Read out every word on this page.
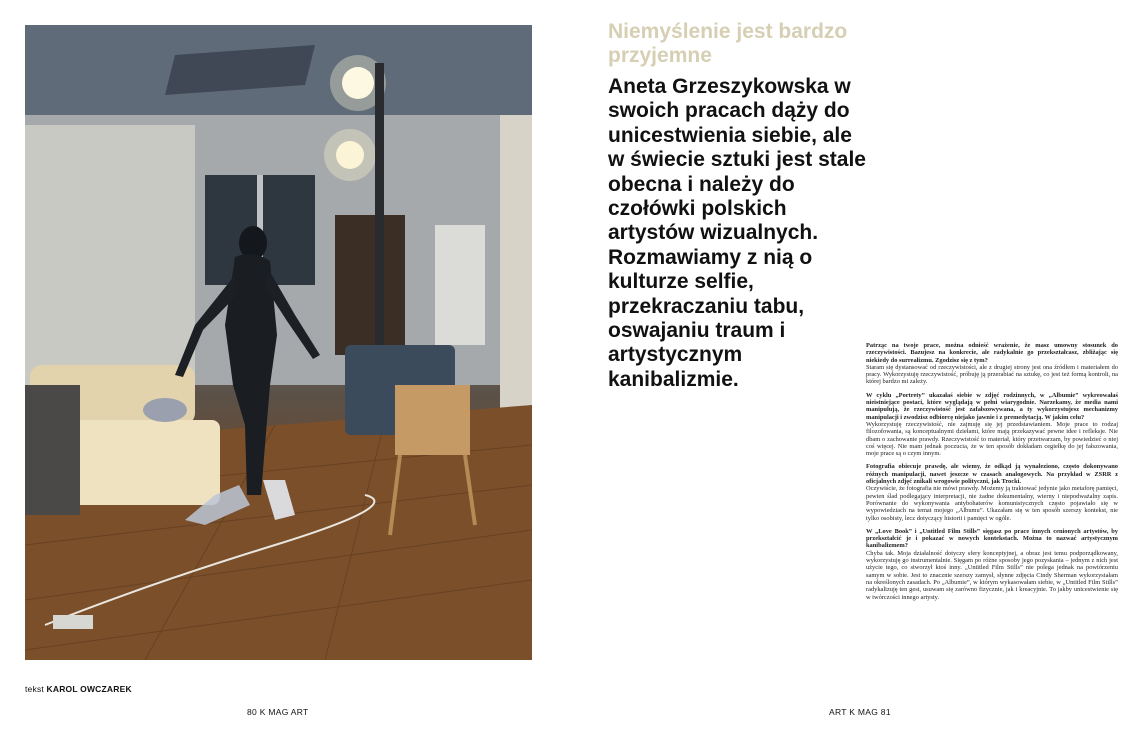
Niemyślenie jest bardzo przyjemne
Aneta Grzeszykowska w swoich pracach dąży do unicestwienia siebie, ale w świecie sztuki jest stale obecna i należy do czołówki polskich artystów wizualnych. Rozmawiamy z nią o kulturze selfie, przekraczaniu tabu, oswajaniu traum i artystycznym kanibalizmie.

Patrząc na twoje prace, można odnieść wrażenie, że masz umowny stosunek do rzeczywistości. Bazujesz na konkrecie, ale radykalnie go przekształcasz, zbliżając się niekiedy do surrealizmu. Zgodzisz się z tym?
Staram się dystansować od rzeczywistości, ale z drugiej strony jest ona źródłem i materiałem do pracy. Wykorzystuję rzeczywistość, próbuję ją przerabiać na sztukę, co jest też formą kontroli, na której bardzo mi zależy.

W cyklu „Portrety” ukazałaś siebie w zdjęć rodzinnych, w „Albumie” wykreowałaś nieistniejące postaci, które wyglądają w pełni wiarygodnie. Narzekamy, że media nami manipulują, że rzeczywistość jest zafałszowywana, a ty wykorzystujesz mechanizmy manipulacji i zwodzisz odbiorcę niejako jawnie i z premedytacją. W jakim celu?
Wykorzystuję rzeczywistość, nie zajmuję się jej przedstawianiem. Moje prace to rodzaj filozofowania, są konceptualnymi dziełami, które mają przekazywać pewne idee i refleksje. Nie dbam o zachowanie prawdy. Rzeczywistość to materiał, który przetwarzam, by powiedzieć o niej coś więcej. Nie mam jednak poczucia, że w ten sposób dokładam cegiełkę do jej fałszowania, moje prace są o czym innym.

Fotografia obiecuje prawdę, ale wiemy, że odkąd ją wynaleziono, często dokonywano różnych manipulacji, nawet jeszcze w czasach analogowych. Na przykład w ZSRR z oficjalnych zdjęć znikali wrogowie polityczni, jak Trocki.
Oczywiście, że fotografia nie mówi prawdy. Możemy ją traktować jedynie jako metaforę pamięci, pewien ślad podlegający interpretacji, nie żadne dokumentalny, wierny i niepodważalny zapis. Porównanie do wykonywania antybohaterów komunistycznych często pojawiało się w wypowiedziach na temat mojego „Albumu”. Ukazałam się w ten sposób szerszy kontekst, nie tylko osobisty, lecz dotyczący historii i pamięci w ogóle.

W „Love Book” i „Untitled Film Stills” sięgasz po prace innych cenionych artystów, by przekształcić je i pokazać w nowych kontekstach. Można to nazwać artystycznym kanibalizmem?
Chyba tak. Moja działalność dotyczy sfery konceptyjnej, a obraz jest temu podporządkowany, wykorzystuję go instrumentalnie. Sięgam po różne sposoby jego pozyskania – jednym z nich jest użycie tego, co stworzył ktoś inny. „Untitled Film Stills” nie polega jednak na powtórzeniu samym w sobie. Jest to znacznie szerszy zamysł, słynne zdjęcia Cindy Sherman wykorzystałam na określonych zasadach. Po „Albumie”, w którym wykasowałam siebie, w „Untitled Film Stills” radykalizuję ten gest, usuwam się zarówno fizycznie, jak i kreacyjnie. To jakby unicestwienie się w twórczości innego artysty.

tekst KAROL OWCZAREK
80 K MAG ART	ART K MAG 81
